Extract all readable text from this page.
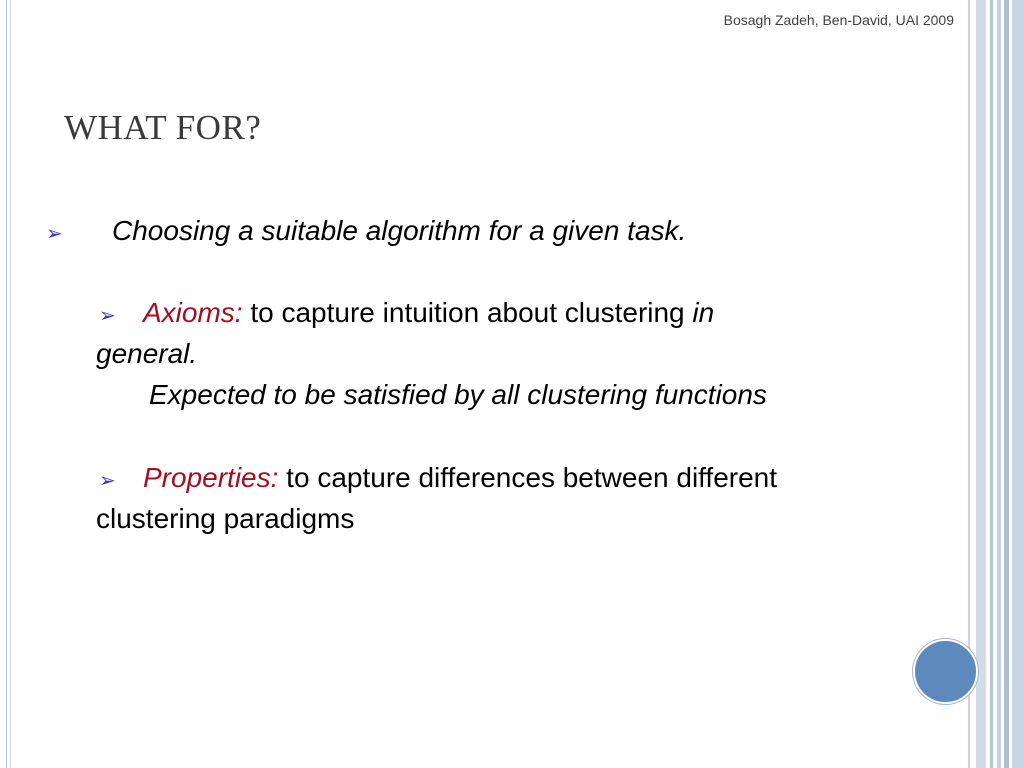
Bosagh Zadeh, Ben-David, UAI 2009
WHAT FOR?
➢ Choosing a suitable algorithm for a given task.
➢ Axioms: to capture intuition about clustering in
general.
Expected to be satisfied by all clustering functions
➢ Properties: to capture differences between different
clustering paradigms
